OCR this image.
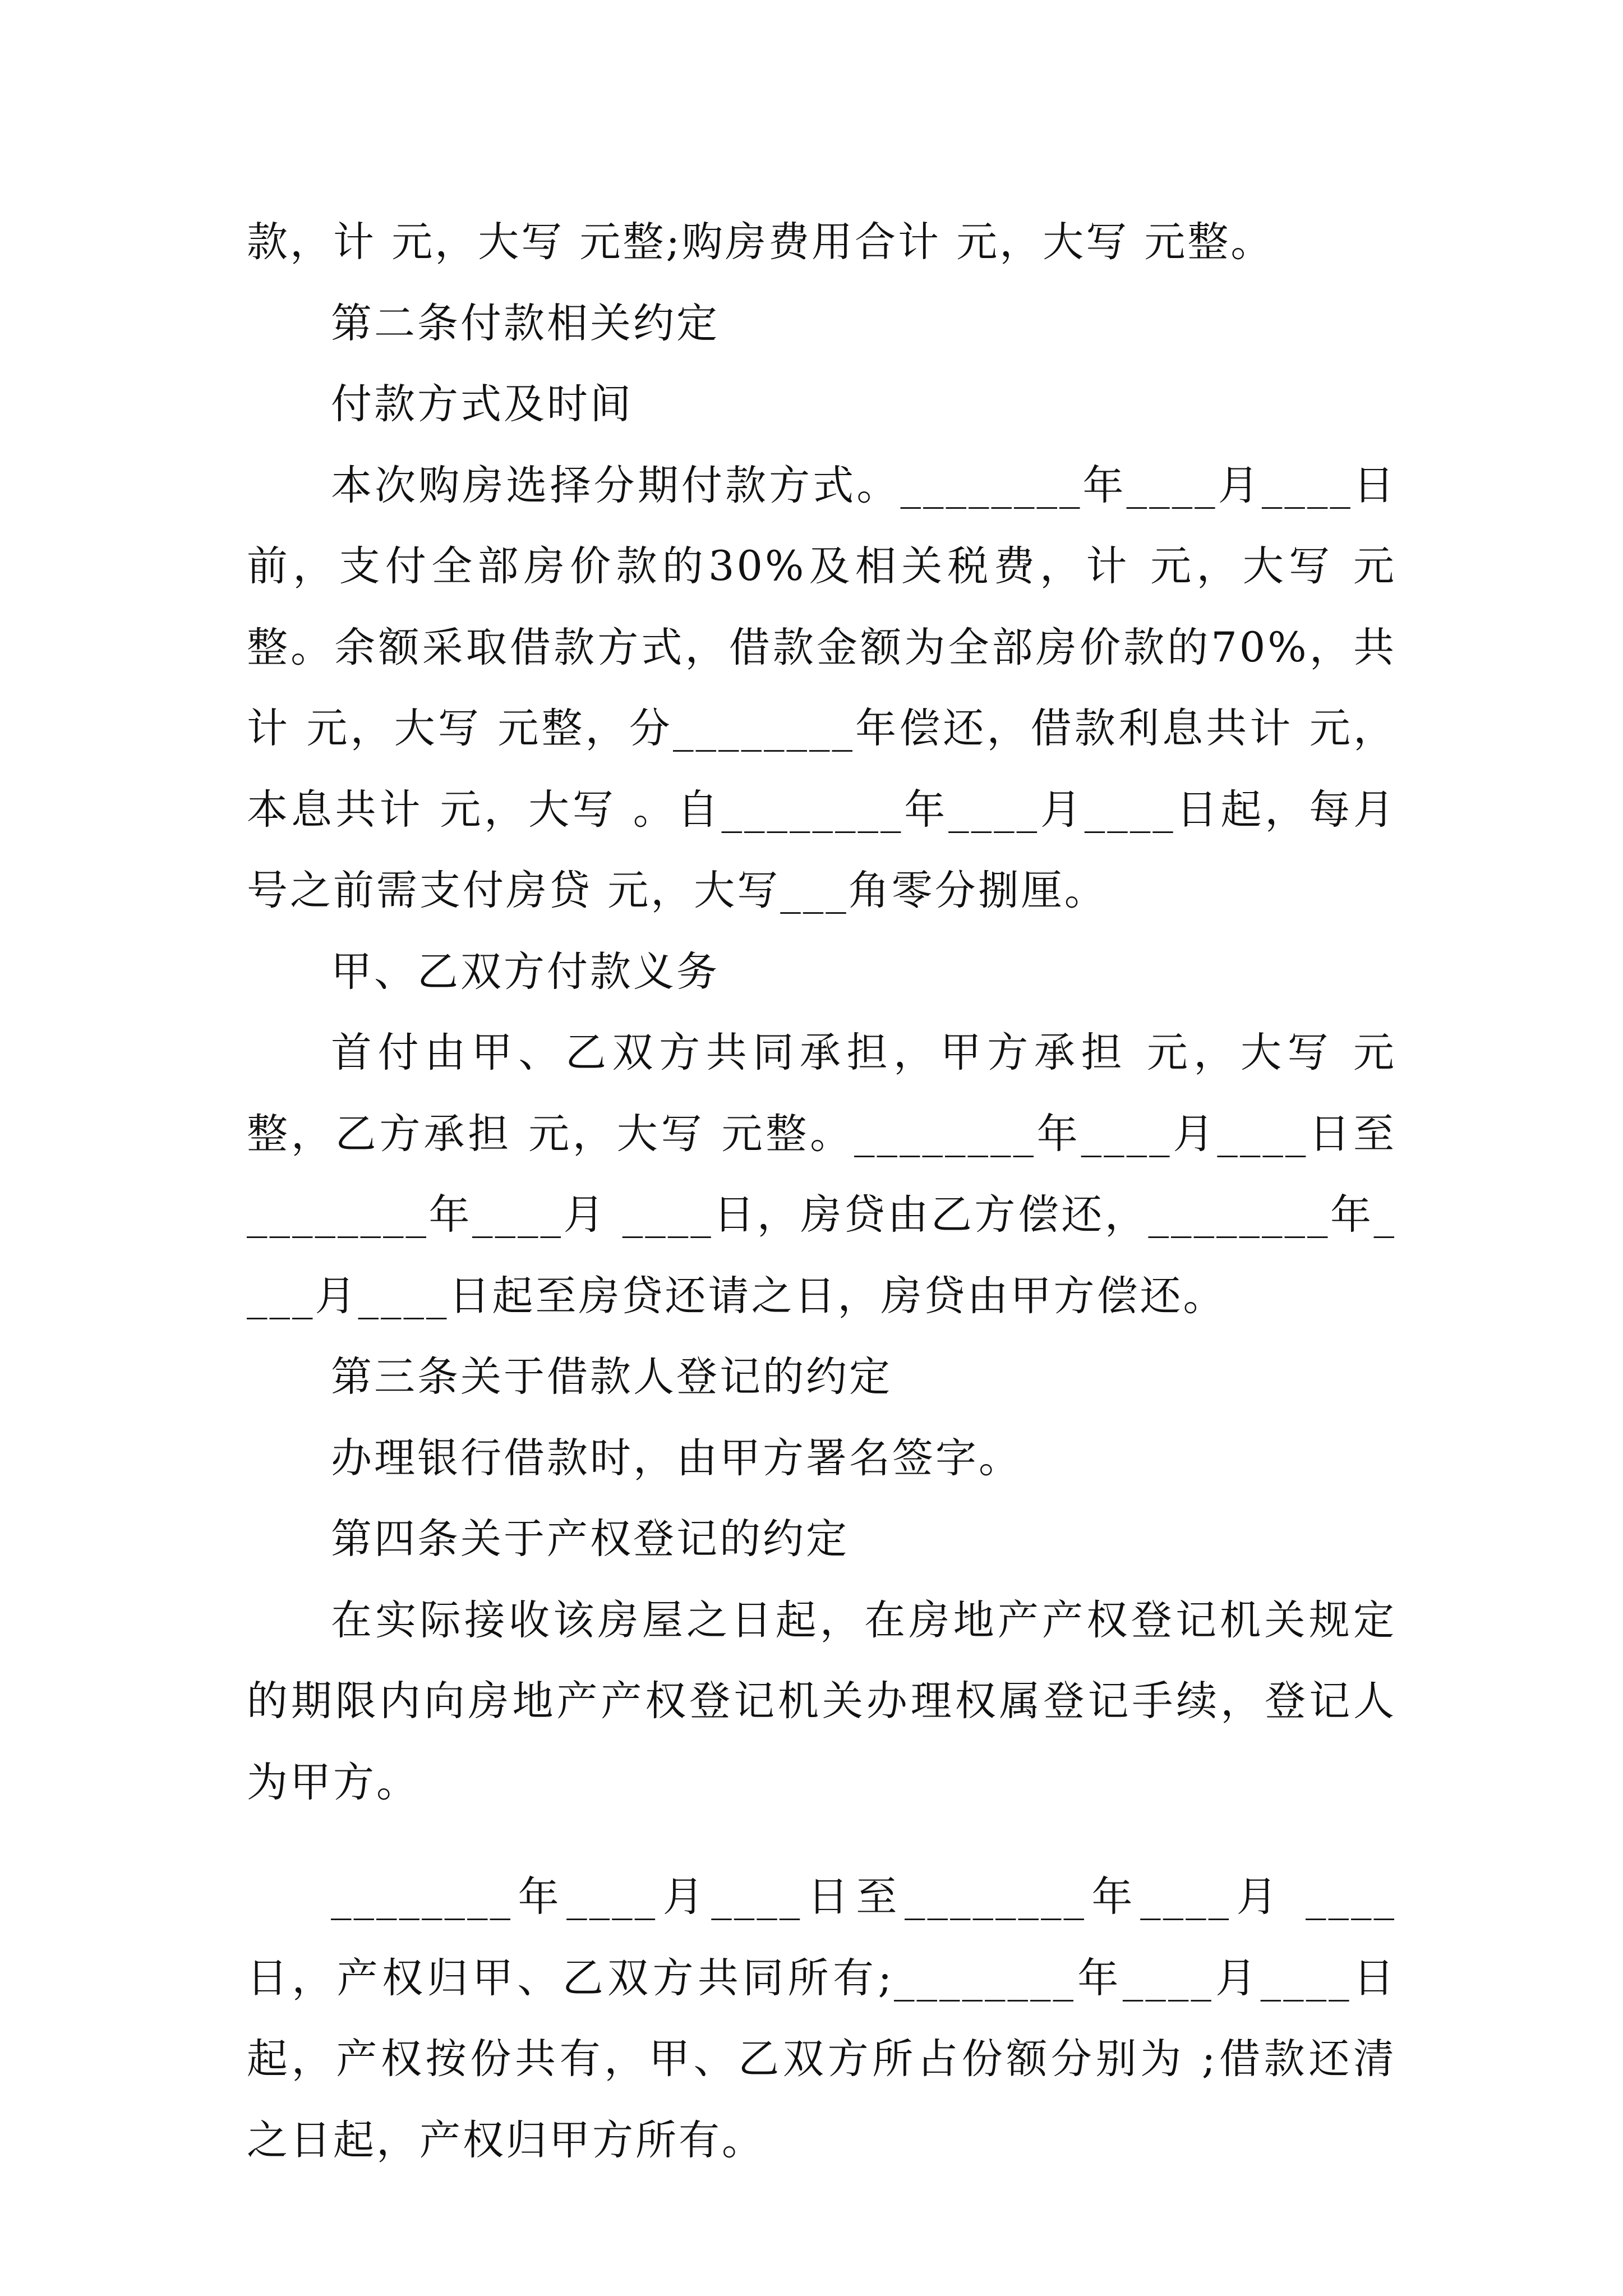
款，计 元，大写 元整;购房费用合计 元，大写 元整。

第二条付款相关约定

付款方式及时间

本次购房选择分期付款方式。________年____月____日前，支付全部房价款的30%及相关税费，计 元，大写 元整。余额采取借款方式，借款金额为全部房价款的70%，共计 元，大写 元整，分________年偿还，借款利息共计 元，本息共计 元，大写 。自________年____月____日起，每月 号之前需支付房贷 元，大写___角零分捌厘。

甲、乙双方付款义务

首付由甲、乙双方共同承担，甲方承担 元，大写 元整，乙方承担 元，大写 元整。________年____月____日至________年____月 ____日，房贷由乙方偿还，________年____月____日起至房贷还请之日，房贷由甲方偿还。

第三条关于借款人登记的约定

办理银行借款时，由甲方署名签字。

第四条关于产权登记的约定

在实际接收该房屋之日起，在房地产产权登记机关规定的期限内向房地产产权登记机关办理权属登记手续，登记人为甲方。

________年____月____日至________年____月 ____日，产权归甲、乙双方共同所有;________年____月____日起，产权按份共有，甲、乙双方所占份额分别为 ;借款还清之日起，产权归甲方所有。
